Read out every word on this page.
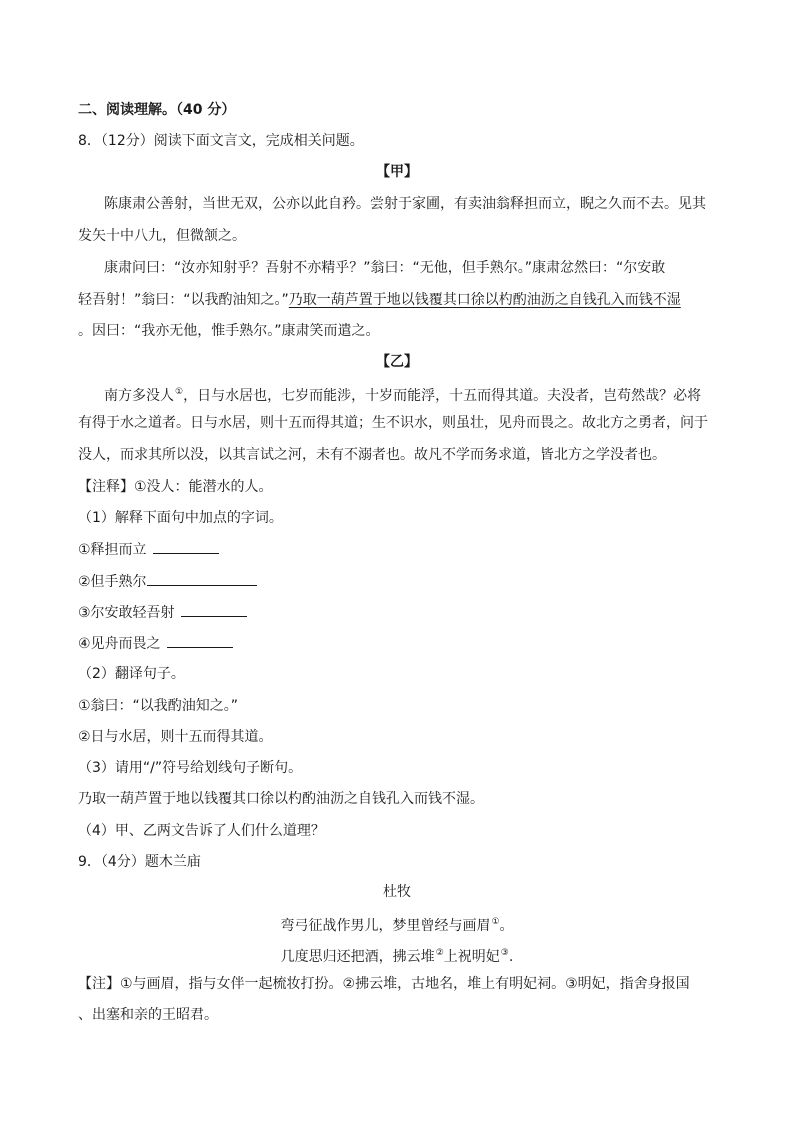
二、阅读理解。（40 分）
8．（12分）阅读下面文言文，完成相关问题。
【甲】
陈康肃公善射，当世无双，公亦以此自矜。尝射于家圃，有卖油翁释担而立，睨之久而不去。见其
发矢十中八九，但微颔之。
康肃问曰：“汝亦知射乎？吾射不亦精乎？”翁曰：“无他，但手熟尔。”康肃忿然曰：“尔安敢
轻吾射！”翁曰：“以我酌油知之。”乃取一葫芦置于地以钱覆其口徐以杓酌油沥之自钱孔入而钱不湿
。因曰：“我亦无他，惟手熟尔。”康肃笑而遣之。
【乙】
南方多没人①，日与水居也，七岁而能涉，十岁而能浮，十五而得其道。夫没者，岂苟然哉？必将
有得于水之道者。日与水居，则十五而得其道；生不识水，则虽壮，见舟而畏之。故北方之勇者，问于
没人，而求其所以没，以其言试之河，未有不溺者也。故凡不学而务求道，皆北方之学没者也。
【注释】①没人：能潜水的人。
（1）解释下面句中加点的字词。
①释担而立
②但手熟尔
③尔安敢轻吾射
④见舟而畏之
（2）翻译句子。
①翁曰：“以我酌油知之。”
②日与水居，则十五而得其道。
（3）请用“/”符号给划线句子断句。
乃取一葫芦置于地以钱覆其口徐以杓酌油沥之自钱孔入而钱不湿。
（4）甲、乙两文告诉了人们什么道理？
9．（4分）题木兰庙
杜牧
弯弓征战作男儿，梦里曾经与画眉①。
几度思归还把酒，拂云堆②上祝明妃③.
【注】①与画眉，指与女伴一起梳妆打扮。②拂云堆，古地名，堆上有明妃祠。③明妃，指舍身报国
、出塞和亲的王昭君。
